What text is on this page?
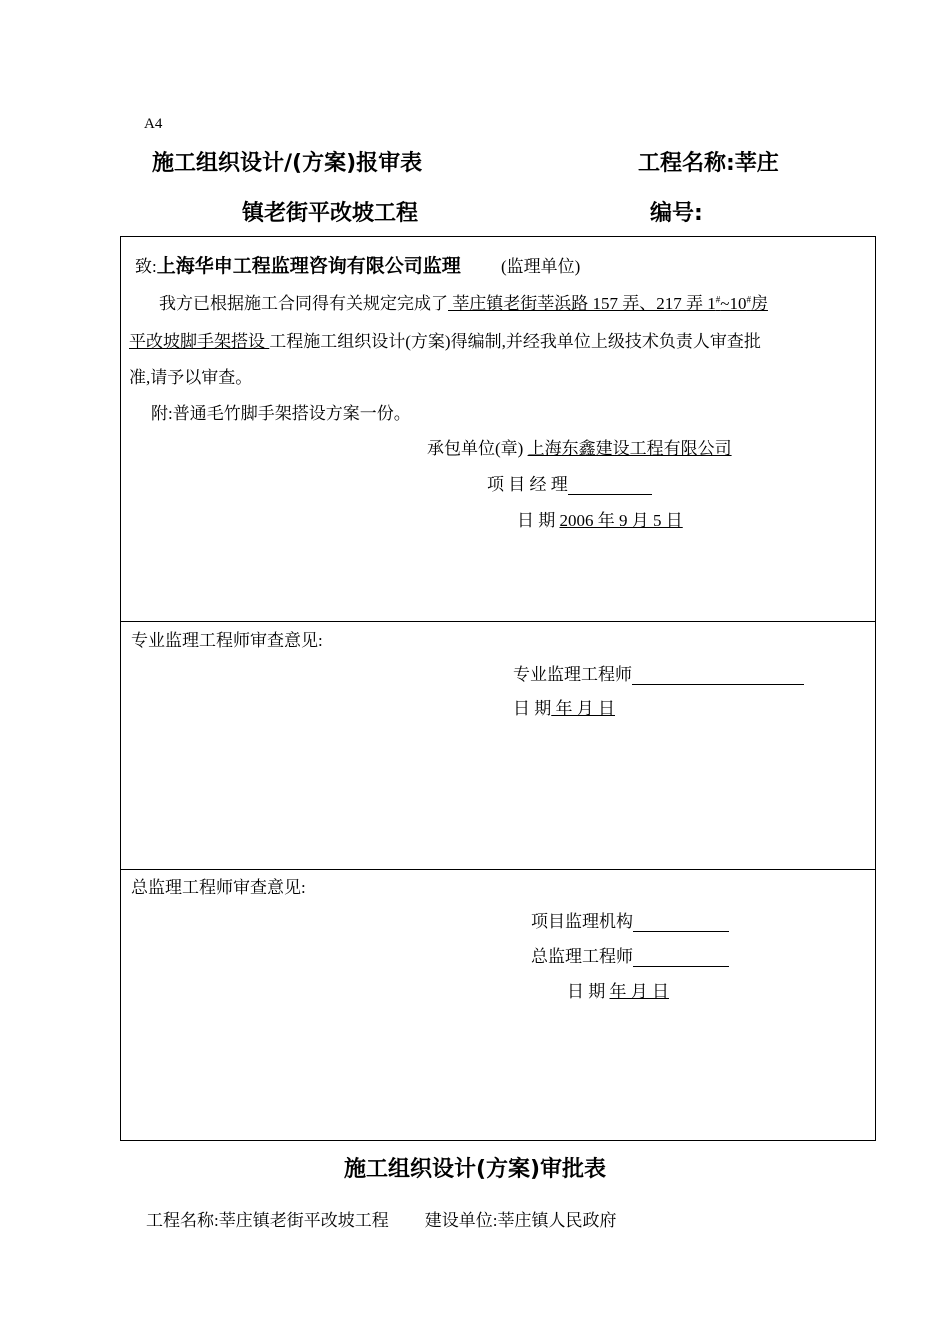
A4
施工组织设计/(方案)报审表	工程名称:莘庄
镇老街平改坡工程	编号:
致:上海华申工程监理咨询有限公司监理 (监理单位)
我方已根据施工合同得有关规定完成了 莘庄镇老街莘浜路 157 弄、217 弄 1#~10#房
平改坡脚手架搭设 工程施工组织设计(方案)得编制,并经我单位上级技术负责人审查批
准,请予以审查。
附:普通毛竹脚手架搭设方案一份。
承包单位(章) 上海东鑫建设工程有限公司
项 目 经 理
日 期 2006 年 9 月 5 日
专业监理工程师审查意见:
专业监理工程师
日 期 年 月 日
总监理工程师审查意见:
项目监理机构
总监理工程师
日 期 年 月 日
施工组织设计(方案)审批表
工程名称:莘庄镇老街平改坡工程 建设单位:莘庄镇人民政府
